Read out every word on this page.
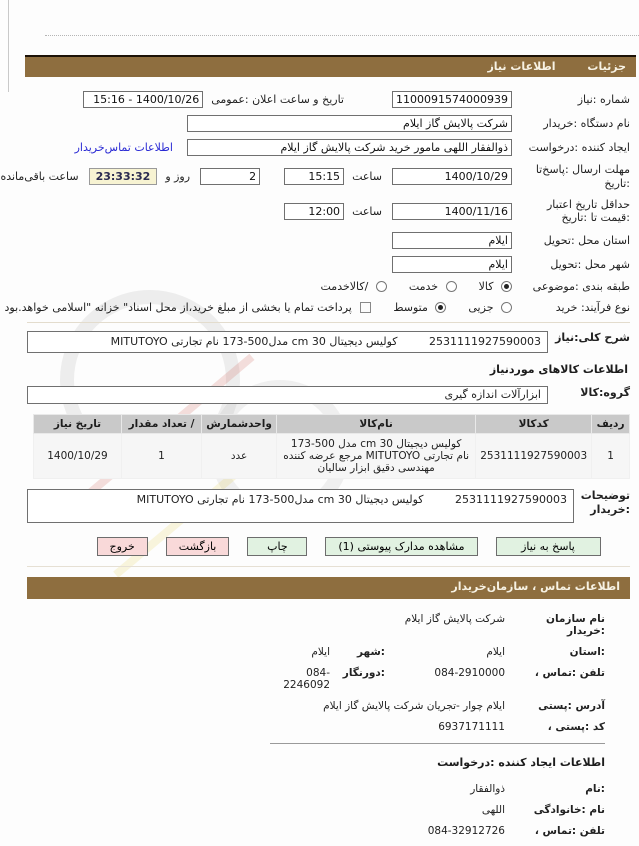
جزئیات اطلاعات نیاز
شماره :نیاز
1100091574000939
تاریخ و ساعت اعلان :عمومی
1400/10/26 - 15:16
نام دستگاه :خریدار
شرکت پالایش گاز ایلام
ایجاد کننده :درخواست
ذوالفقار اللهی مامور خرید شرکت پالایش گاز ایلام
اطلاعات تماس‌خریدار
مهلت ارسال :پاسخ‌تا
:تاریخ
1400/10/29
ساعت
15:15
2
روز و
23:33:32
ساعت باقی‌مانده
حداقل تاریخ اعتبار
:قیمت تا :تاریخ
1400/11/16
ساعت
12:00
استان محل :تحویل
ایلام
شهر محل :تحویل
ایلام
طبقه بندی :موضوعی
کالا
خدمت
/کالاخدمت
نوع فرآیند: خرید
جزیی
متوسط
پرداخت تمام یا بخشی از مبلغ خرید،از محل اسناد" خزانه "اسلامی خواهد.بود
شرح کلی:نیاز
2531111927590003 کولیس دیجیتال 30 cm مدل500-173 نام تجارتی MITUTOYO
اطلاعات کالاهای موردنیاز
گروه:کالا
ابزارآلات اندازه گیری
ردیف	کدکالا	نام‌کالا	واحدشمارش	/ تعداد مقدار	تاریخ نیاز
1	2531111927590003	کولیس دیجیتال 30 cm مدل 500-173
نام تجارتی MITUTOYO مرجع عرضه کننده
مهندسی دقیق ابزار سالیان	عدد	1	1400/10/29
توضیحات
:خریدار
2531111927590003 کولیس دیجیتال 30 cm مدل500-173 نام تجارتی MITUTOYO
پاسخ به نیاز
مشاهده مدارک پیوستی (1)
چاپ
بازگشت
خروج
اطلاعات تماس ، سازمان‌خریدار
نام سازمان :خریدار
شرکت پالایش گاز ایلام
:استان
ایلام
:شهر
ایلام
تلفن :تماس ،
084-2910000
:دورنگار
084-2246092
آدرس :پستی
ایلام چوار -تجریان شرکت پالایش گاز ایلام
کد :پستی ،
6937171111
اطلاعات ایجاد کننده :درخواست
:نام
ذوالفقار
نام :خانوادگی
اللهی
تلفن :تماس ،
084-32912726
